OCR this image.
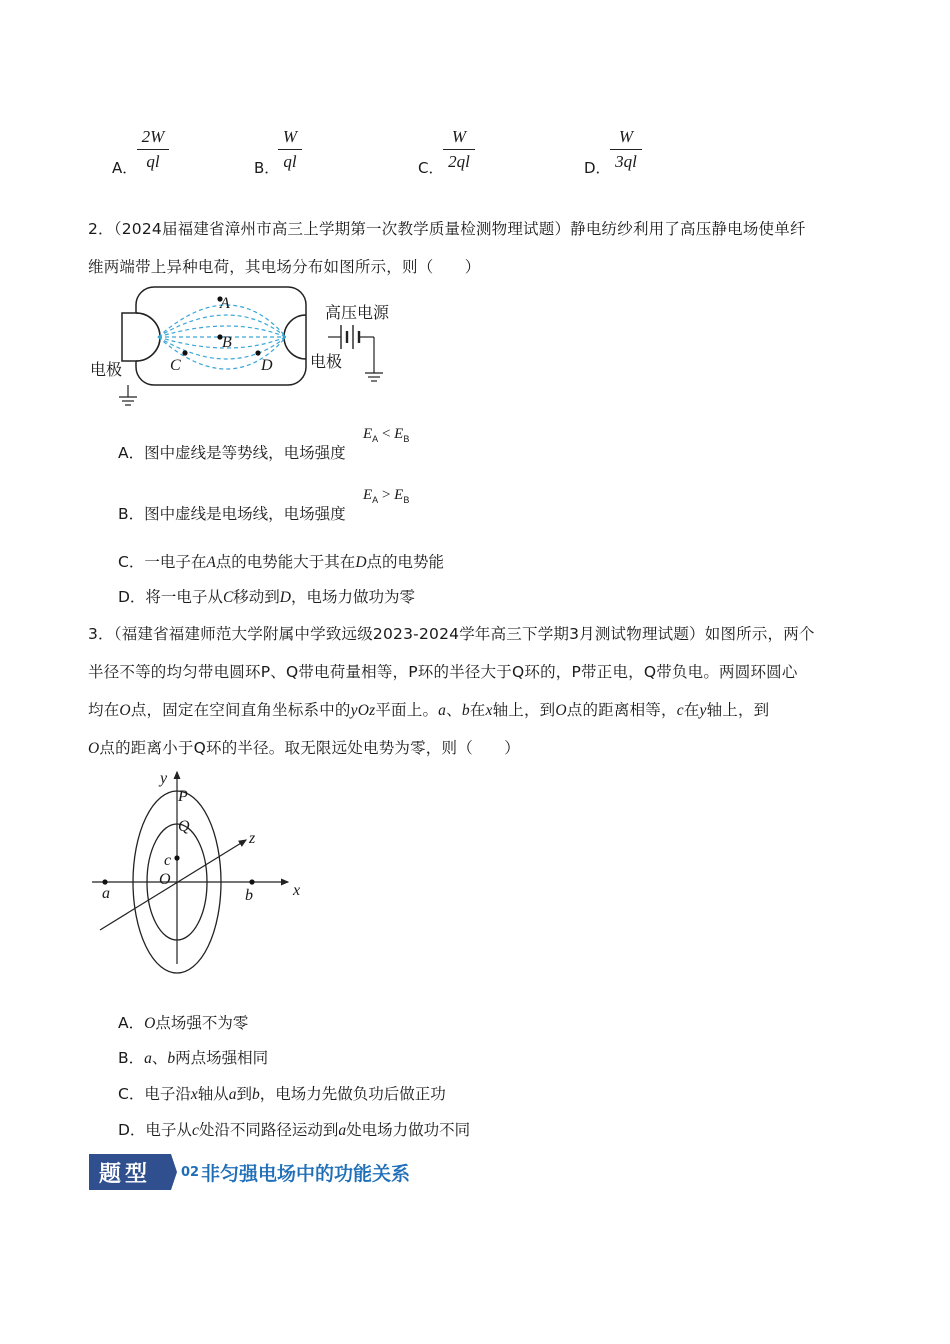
A． $\frac{2W}{ql}$	B．
$\frac{W}{ql}$	C． $\frac{W}{2ql}$	D． $\frac{W}{3ql}$
2．（2024届福建省漳州市高三上学期第一次教学质量检测物理试题）静电纺纱利用了高压静电场使单纤
维两端带上异种电荷，其电场分布如图所示，则（　　）
高压电源
电极	电极
A
B
C	D
A．图中虚线是等势线，电场强度
$E_A < E_B$
B．图中虚线是电场线，电场强度
$E_A > E_B$
C．一电子在A点的电势能大于其在D点的电势能
D．将一电子从C移动到D，电场力做功为零
3．（福建省福建师范大学附属中学致远级2023-2024学年高三下学期3月测试物理试题）如图所示，两个
半径不等的均匀带电圆环P、Q带电荷量相等，P环的半径大于Q环的，P带正电，Q带负电。两圆环圆心
均在O点，固定在空间直角坐标系中的yOz平面上。a、b在x轴上，到O点的距离相等，c在y轴上，到
O点的距离小于Q环的半径。取无限远处电势为零，则（　　）
y
x
z
P
Q
c
O
a	b
A．O点场强不为零
B．a、b两点场强相同
C．电子沿x轴从a到b，电场力先做负功后做正功
D．电子从c处沿不同路径运动到a处电场力做功不同
题型 02 非匀强电场中的功能关系
